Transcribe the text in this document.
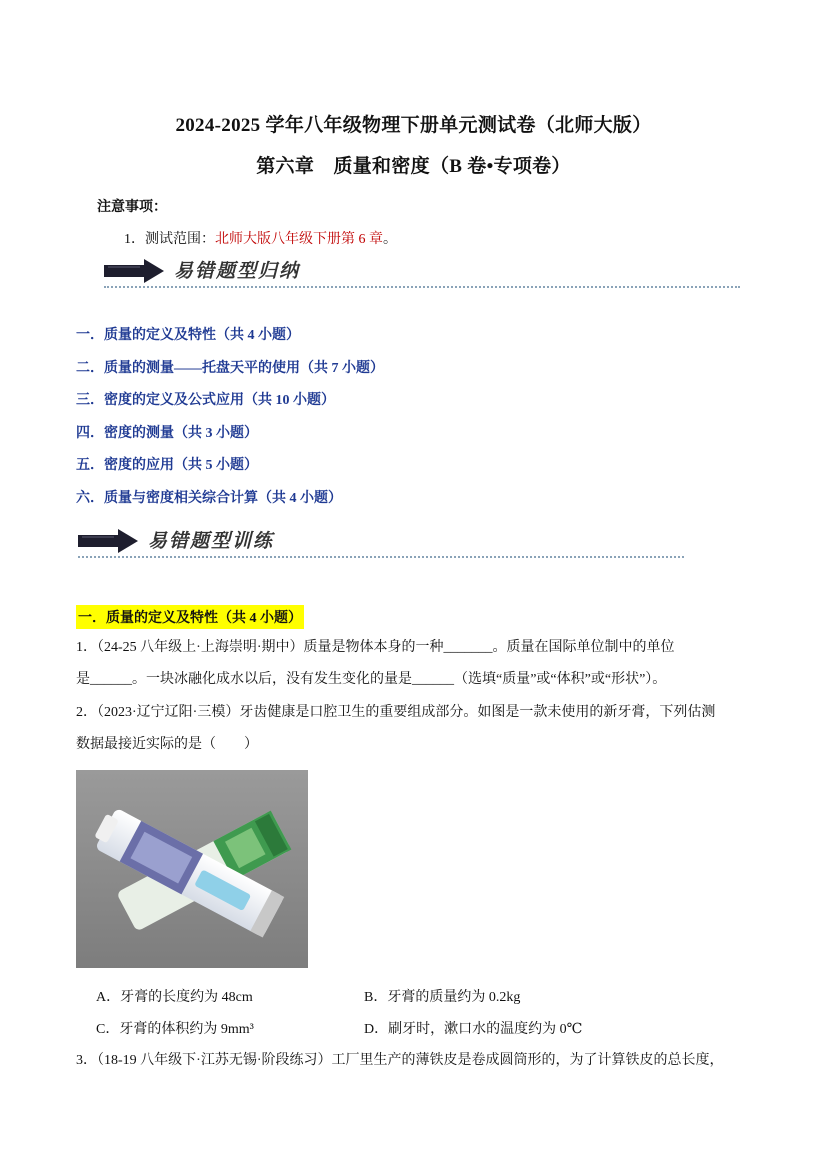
2024-2025 学年八年级物理下册单元测试卷（北师大版）
第六章　质量和密度（B 卷•专项卷）
注意事项：
1．测试范围：北师大版八年级下册第 6 章。
易错题型归纳
一．质量的定义及特性（共 4 小题）
二．质量的测量——托盘天平的使用（共 7 小题）
三．密度的定义及公式应用（共 10 小题）
四．密度的测量（共 3 小题）
五．密度的应用（共 5 小题）
六．质量与密度相关综合计算（共 4 小题）
易错题型训练
一．质量的定义及特性（共 4 小题）
1．（24-25 八年级上·上海崇明·期中）质量是物体本身的一种_______。质量在国际单位制中的单位
是______。一块冰融化成水以后，没有发生变化的量是______（选填“质量”或“体积”或“形状”）。
2．（2023·辽宁辽阳·三模）牙齿健康是口腔卫生的重要组成部分。如图是一款未使用的新牙膏，下列估测
数据最接近实际的是（　　）
A．牙膏的长度约为 48cm	B．牙膏的质量约为 0.2kg
C．牙膏的体积约为 9mm³	D．刷牙时，漱口水的温度约为 0℃
3．（18-19 八年级下·江苏无锡·阶段练习）工厂里生产的薄铁皮是卷成圆筒形的，为了计算铁皮的总长度，
